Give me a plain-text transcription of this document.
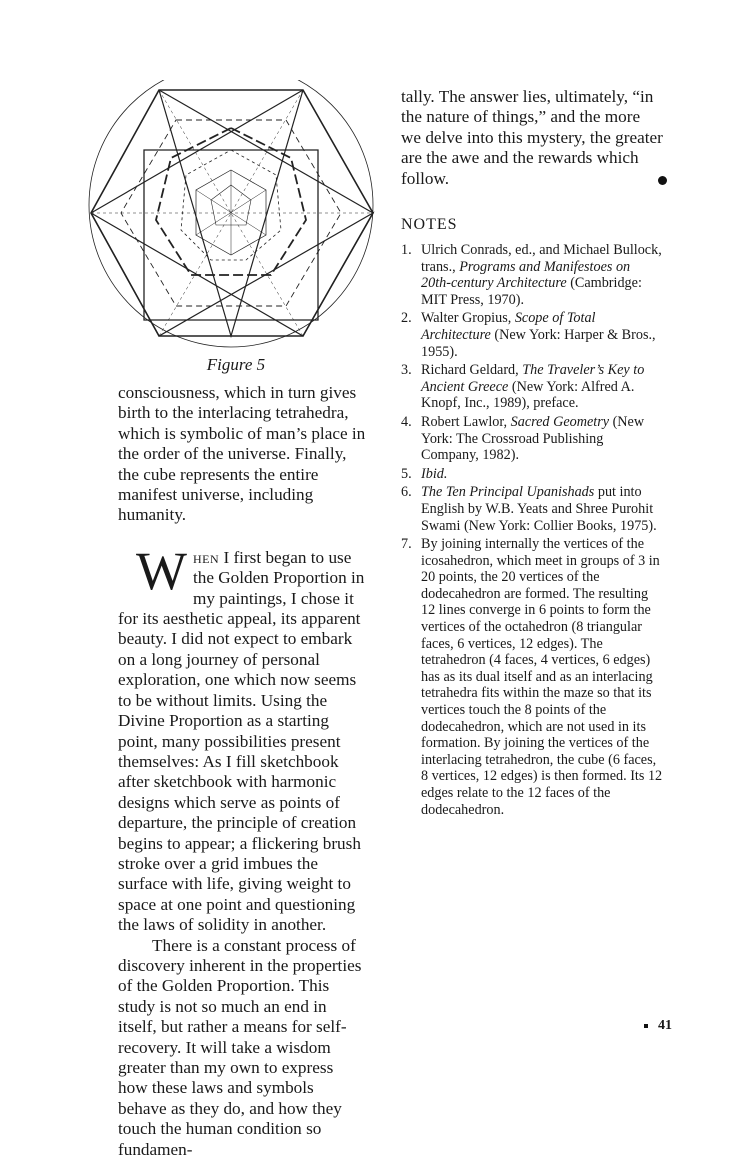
Figure 5

consciousness, which in turn gives birth to the interlacing tetrahedra, which is symbolic of man’s place in the order of the universe. Finally, the cube represents the entire manifest universe, including humanity.

When I first began to use the Golden Proportion in my paintings, I chose it for its aesthetic appeal, its apparent beauty. I did not expect to embark on a long journey of personal exploration, one which now seems to be without limits. Using the Divine Proportion as a starting point, many possibilities present themselves: As I fill sketchbook after sketchbook with harmonic designs which serve as points of departure, the principle of creation begins to appear; a flickering brush stroke over a grid imbues the surface with life, giving weight to space at one point and questioning the laws of solidity in another.

There is a constant process of discovery inherent in the properties of the Golden Proportion. This study is not so much an end in itself, but rather a means for self-recovery. It will take a wisdom greater than my own to express how these laws and symbols behave as they do, and how they touch the human condition so fundamen-

tally. The answer lies, ultimately, “in the nature of things,” and the more we delve into this mystery, the greater are the awe and the rewards which follow.

NOTES
1. Ulrich Conrads, ed., and Michael Bullock, trans., Programs and Manifestoes on 20th-century Architecture (Cambridge: MIT Press, 1970).
2. Walter Gropius, Scope of Total Architecture (New York: Harper & Bros., 1955).
3. Richard Geldard, The Traveler’s Key to Ancient Greece (New York: Alfred A. Knopf, Inc., 1989), preface.
4. Robert Lawlor, Sacred Geometry (New York: The Crossroad Publishing Company, 1982).
5. Ibid.
6. The Ten Principal Upanishads put into English by W.B. Yeats and Shree Purohit Swami (New York: Collier Books, 1975).
7. By joining internally the vertices of the icosahedron, which meet in groups of 3 in 20 points, the 20 vertices of the dodecahedron are formed. The resulting 12 lines converge in 6 points to form the vertices of the octahedron (8 triangular faces, 6 vertices, 12 edges). The tetrahedron (4 faces, 4 vertices, 6 edges) has as its dual itself and as an interlacing tetrahedra fits within the maze so that its vertices touch the 8 points of the dodecahedron, which are not used in its formation. By joining the vertices of the interlacing tetrahedron, the cube (6 faces, 8 vertices, 12 edges) is then formed. Its 12 edges relate to the 12 faces of the dodecahedron.
41
